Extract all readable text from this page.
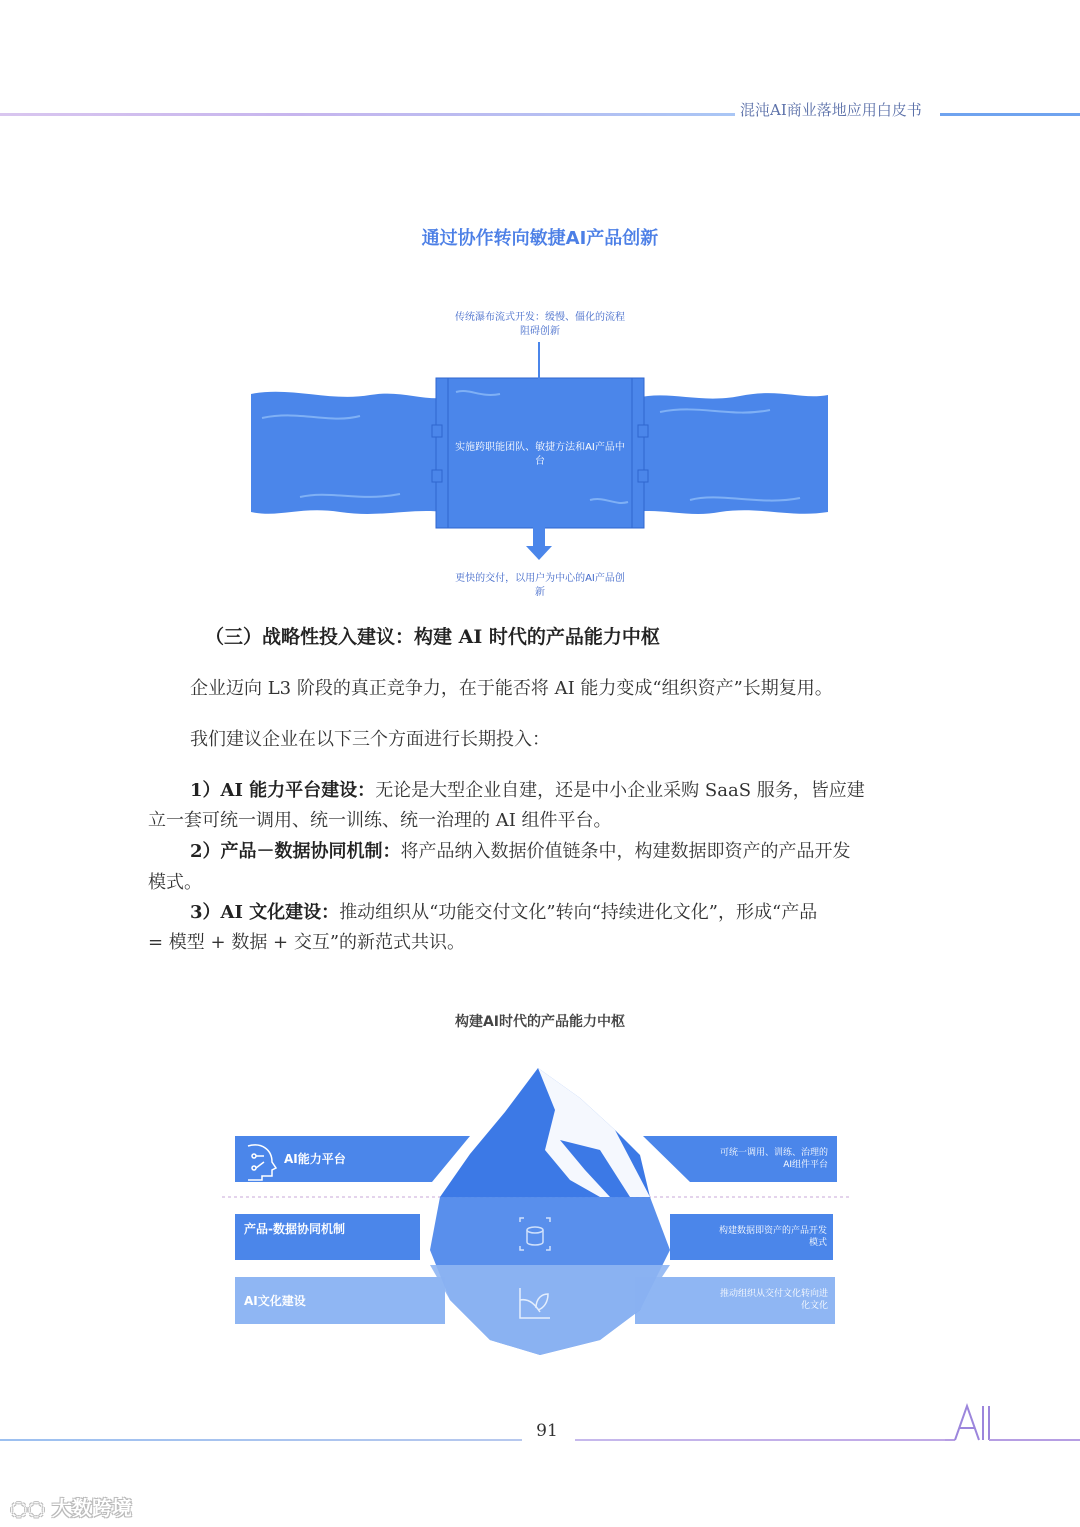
混沌AI商业落地应用白皮书
通过协作转向敏捷AI产品创新
传统瀑布流式开发：缓慢、僵化的流程阻碍创新
实施跨职能团队、敏捷方法和AI产品中台
更快的交付，以用户为中心的AI产品创新
（三）战略性投入建议：构建 AI 时代的产品能力中枢
企业迈向 L3 阶段的真正竞争力，在于能否将 AI 能力变成“组织资产”长期复用。
我们建议企业在以下三个方面进行长期投入：
1）AI 能力平台建设：无论是大型企业自建，还是中小企业采购 SaaS 服务，皆应建
立一套可统一调用、统一训练、统一治理的 AI 组件平台。
2）产品－数据协同机制：将产品纳入数据价值链条中，构建数据即资产的产品开发
模式。
3）AI 文化建设：推动组织从“功能交付文化”转向“持续进化文化”，形成“产品
= 模型 + 数据 + 交互”的新范式共识。
构建AI时代的产品能力中枢
AI能力平台
产品-数据协同机制
AI文化建设
可统一调用、训练、治理的AI组件平台
构建数据即资产的产品开发模式
推动组织从交付文化转向进化文化
91
◌◌ 大数跨境
